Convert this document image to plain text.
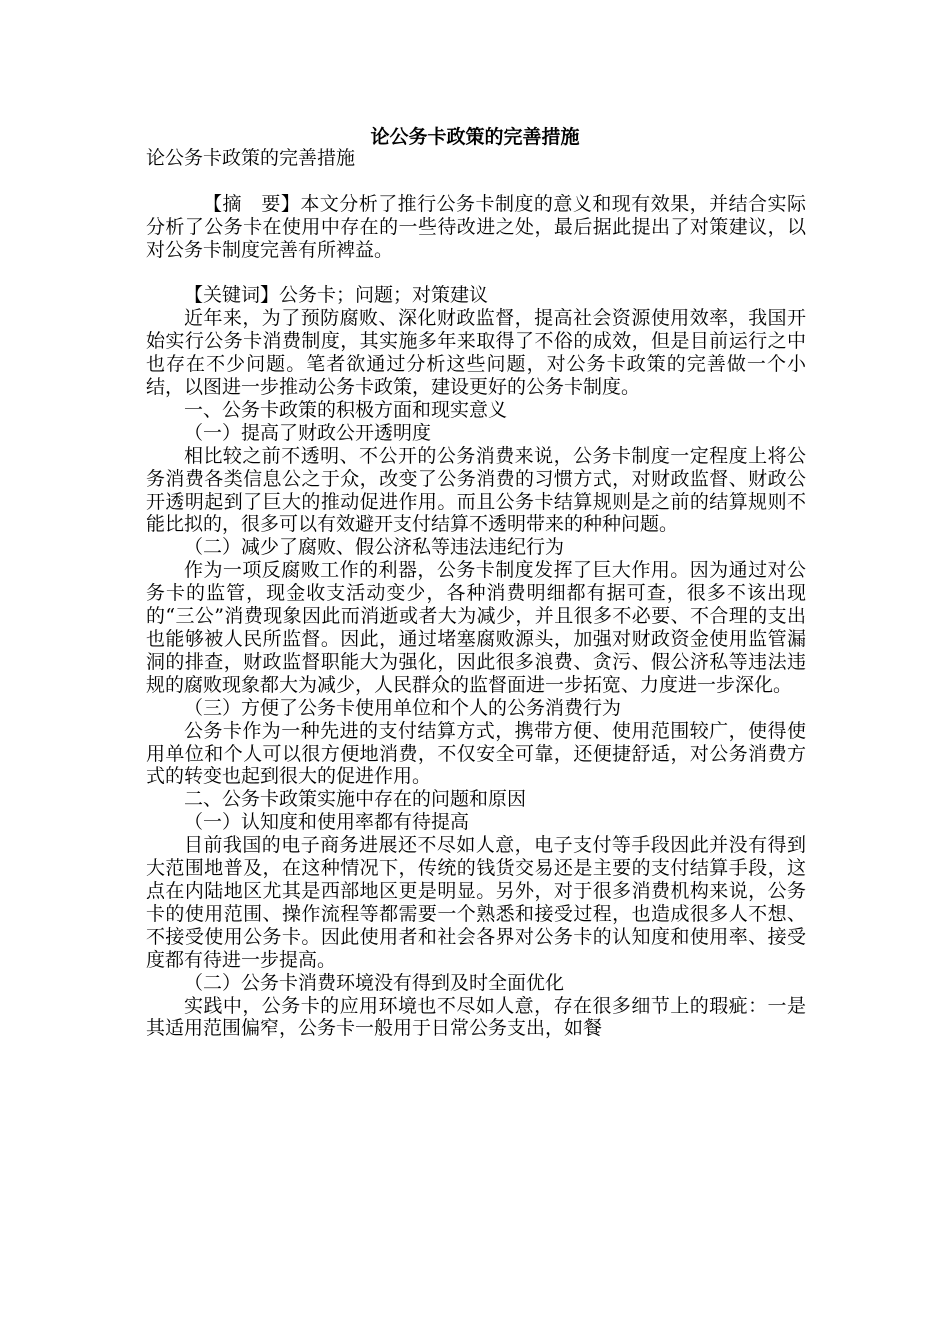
论公务卡政策的完善措施

论公务卡政策的完善措施

【摘　要】本文分析了推行公务卡制度的意义和现有效果，并结合实际分析了公务卡在使用中存在的一些待改进之处，最后据此提出了对策建议，以对公务卡制度完善有所裨益。

【关键词】公务卡；问题；对策建议

近年来，为了预防腐败、深化财政监督，提高社会资源使用效率，我国开始实行公务卡消费制度，其实施多年来取得了不俗的成效，但是目前运行之中也存在不少问题。笔者欲通过分析这些问题，对公务卡政策的完善做一个小结，以图进一步推动公务卡政策，建设更好的公务卡制度。

一、公务卡政策的积极方面和现实意义

（一）提高了财政公开透明度

相比较之前不透明、不公开的公务消费来说，公务卡制度一定程度上将公务消费各类信息公之于众，改变了公务消费的习惯方式，对财政监督、财政公开透明起到了巨大的推动促进作用。而且公务卡结算规则是之前的结算规则不能比拟的，很多可以有效避开支付结算不透明带来的种种问题。

（二）减少了腐败、假公济私等违法违纪行为

作为一项反腐败工作的利器，公务卡制度发挥了巨大作用。因为通过对公务卡的监管，现金收支活动变少，各种消费明细都有据可查，很多不该出现的“三公”消费现象因此而消逝或者大为减少，并且很多不必要、不合理的支出也能够被人民所监督。因此，通过堵塞腐败源头，加强对财政资金使用监管漏洞的排查，财政监督职能大为强化，因此很多浪费、贪污、假公济私等违法违规的腐败现象都大为减少，人民群众的监督面进一步拓宽、力度进一步深化。

（三）方便了公务卡使用单位和个人的公务消费行为

公务卡作为一种先进的支付结算方式，携带方便、使用范围较广，使得使用单位和个人可以很方便地消费，不仅安全可靠，还便捷舒适，对公务消费方式的转变也起到很大的促进作用。

二、公务卡政策实施中存在的问题和原因

（一）认知度和使用率都有待提高

目前我国的电子商务进展还不尽如人意，电子支付等手段因此并没有得到大范围地普及，在这种情况下，传统的钱货交易还是主要的支付结算手段，这点在内陆地区尤其是西部地区更是明显。另外，对于很多消费机构来说，公务卡的使用范围、操作流程等都需要一个熟悉和接受过程，也造成很多人不想、不接受使用公务卡。因此使用者和社会各界对公务卡的认知度和使用率、接受度都有待进一步提高。

（二）公务卡消费环境没有得到及时全面优化

实践中，公务卡的应用环境也不尽如人意，存在很多细节上的瑕疵：一是其适用范围偏窄，公务卡一般用于日常公务支出，如餐
